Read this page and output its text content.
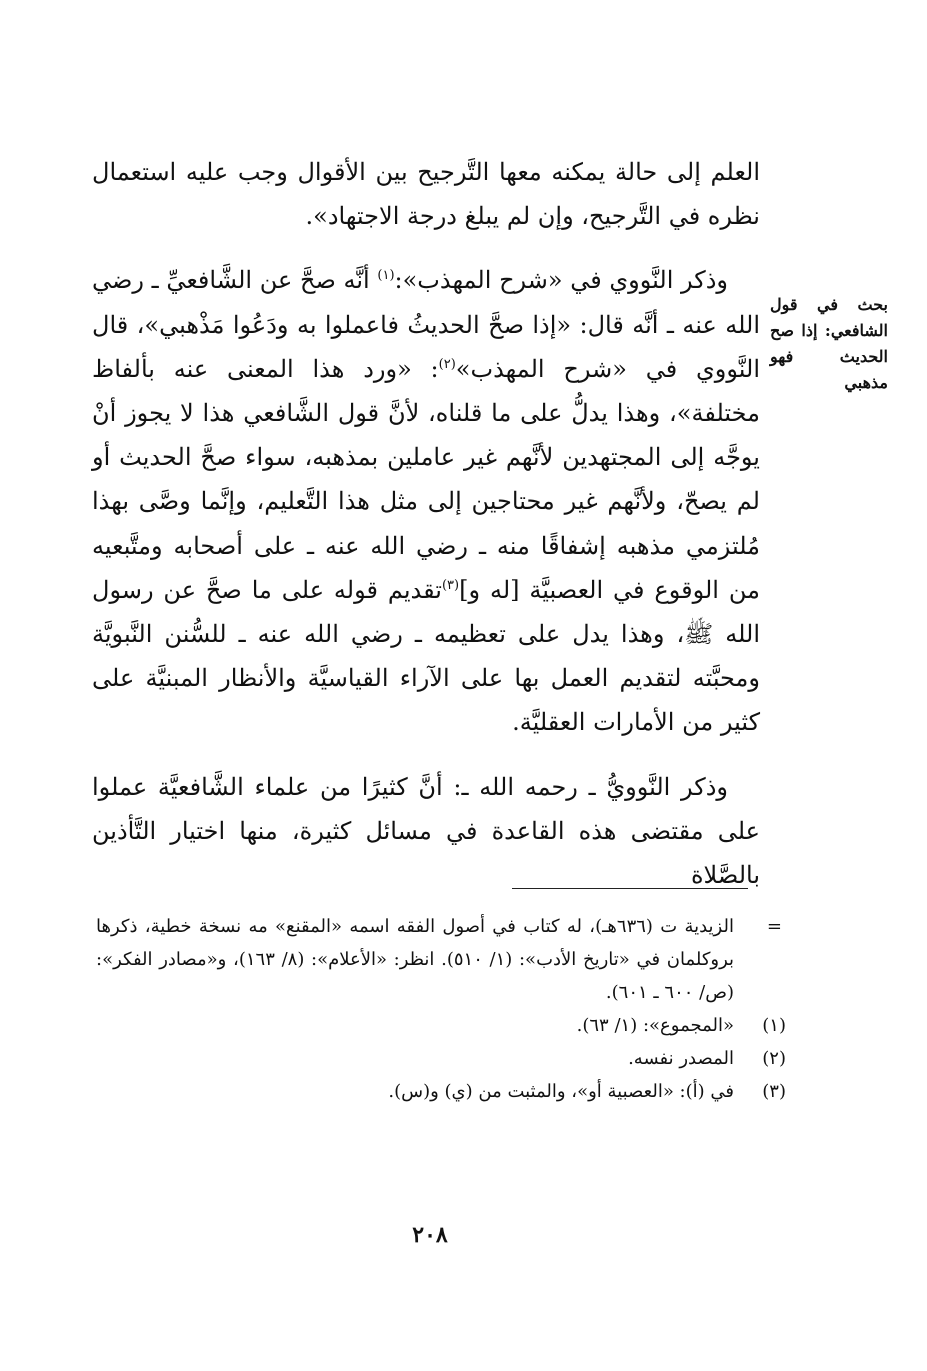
العلم إلى حالة يمكنه معها التَّرجيح بين الأقوال وجب عليه استعمال نظره في التَّرجيح، وإن لم يبلغ درجة الاجتهاد».

وذكر النَّووي في «شرح المهذب»:$^{(١)}$ أنَّه صحَّ عن الشَّافعيِّ ـ رضي الله عنه ـ أنَّه قال: «إذا صحَّ الحديثُ فاعملوا به ودَعُوا مَذْهبي»، قال النَّووي في «شرح المهذب»$^{(٢)}$: «ورد هذا المعنى عنه بألفاظ مختلفة»، وهذا يدلُّ على ما قلناه، لأنَّ قول الشَّافعي هذا لا يجوز أنْ يوجَّه إلى المجتهدين لأنَّهم غير عاملين بمذهبه، سواء صحَّ الحديث أو لم يصحّ، ولأنَّهم غير محتاجين إلى مثل هذا التَّعليم، وإنَّما وصَّى بهذا مُلتزمي مذهبه إشفاقًا منه ـ رضي الله عنه ـ على أصحابه ومتَّبعيه من الوقوع في العصبيَّة [له و]$^{(٣)}$تقديم قوله على ما صحَّ عن رسول الله ﷺ، وهذا يدل على تعظيمه ـ رضي الله عنه ـ للسُّنن النَّبويَّة ومحبَّته لتقديم العمل بها على الآراء القياسيَّة والأنظار المبنيَّة على كثير من الأمارات العقليَّة.

وذكر النَّوويُّ ـ رحمه الله ـ: أنَّ كثيرًا من علماء الشَّافعيَّة عملوا على مقتضى هذه القاعدة في مسائل كثيرة، منها اختيار التَّأذين بالصَّلاة

بحث في قول الشافعي: إذا صح الحديث فهو مذهبي
=
الزيدية ت (٦٣٦هـ)، له كتاب في أصول الفقه اسمه «المقنع» مه نسخة خطية، ذكرها بروكلمان في «تاريخ الأدب»: (١/ ٥١٠). انظر: «الأعلام»: (٨/ ١٦٣)، و«مصادر الفكر»: (ص/ ٦٠٠ ـ ٦٠١).
(١)
«المجموع»: (١/ ٦٣).
(٢)
المصدر نفسه.
(٣)
في (أ): «العصبية أو»، والمثبت من (ي) و(س).
٢٠٨
